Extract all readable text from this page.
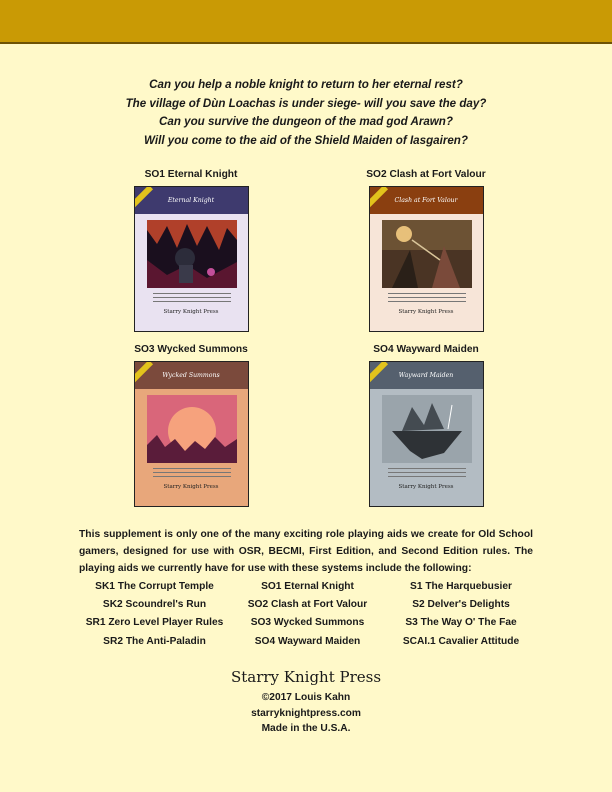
Can you help a noble knight to return to her eternal rest?
The village of Dùn Loachas is under siege- will you save the day?
Can you survive the dungeon of the mad god Arawn?
Will you come to the aid of the Shield Maiden of Iasgairen?
SO1 Eternal Knight
Eternal Knight
Starry Knight Press
SO2 Clash at Fort Valour
Clash at Fort Valour
Starry Knight Press
SO3 Wycked Summons
Wycked Summons
Starry Knight Press
SO4 Wayward Maiden
Wayward Maiden
Starry Knight Press
This supplement is only one of the many exciting role playing aids we create for Old School gamers, designed for use with OSR, BECMI, First Edition, and Second Edition rules. The playing aids we currently have for use with these systems include the following:
SK1 The Corrupt Temple
SK2 Scoundrel's Run
SR1 Zero Level Player Rules
SR2 The Anti-Paladin
SO1 Eternal Knight
SO2 Clash at Fort Valour
SO3 Wycked Summons
SO4 Wayward Maiden
S1 The Harquebusier
S2 Delver's Delights
S3 The Way O' The Fae
SCAI.1 Cavalier Attitude
Starry Knight Press
©2017 Louis Kahn
starryknightpress.com
Made in the U.S.A.
